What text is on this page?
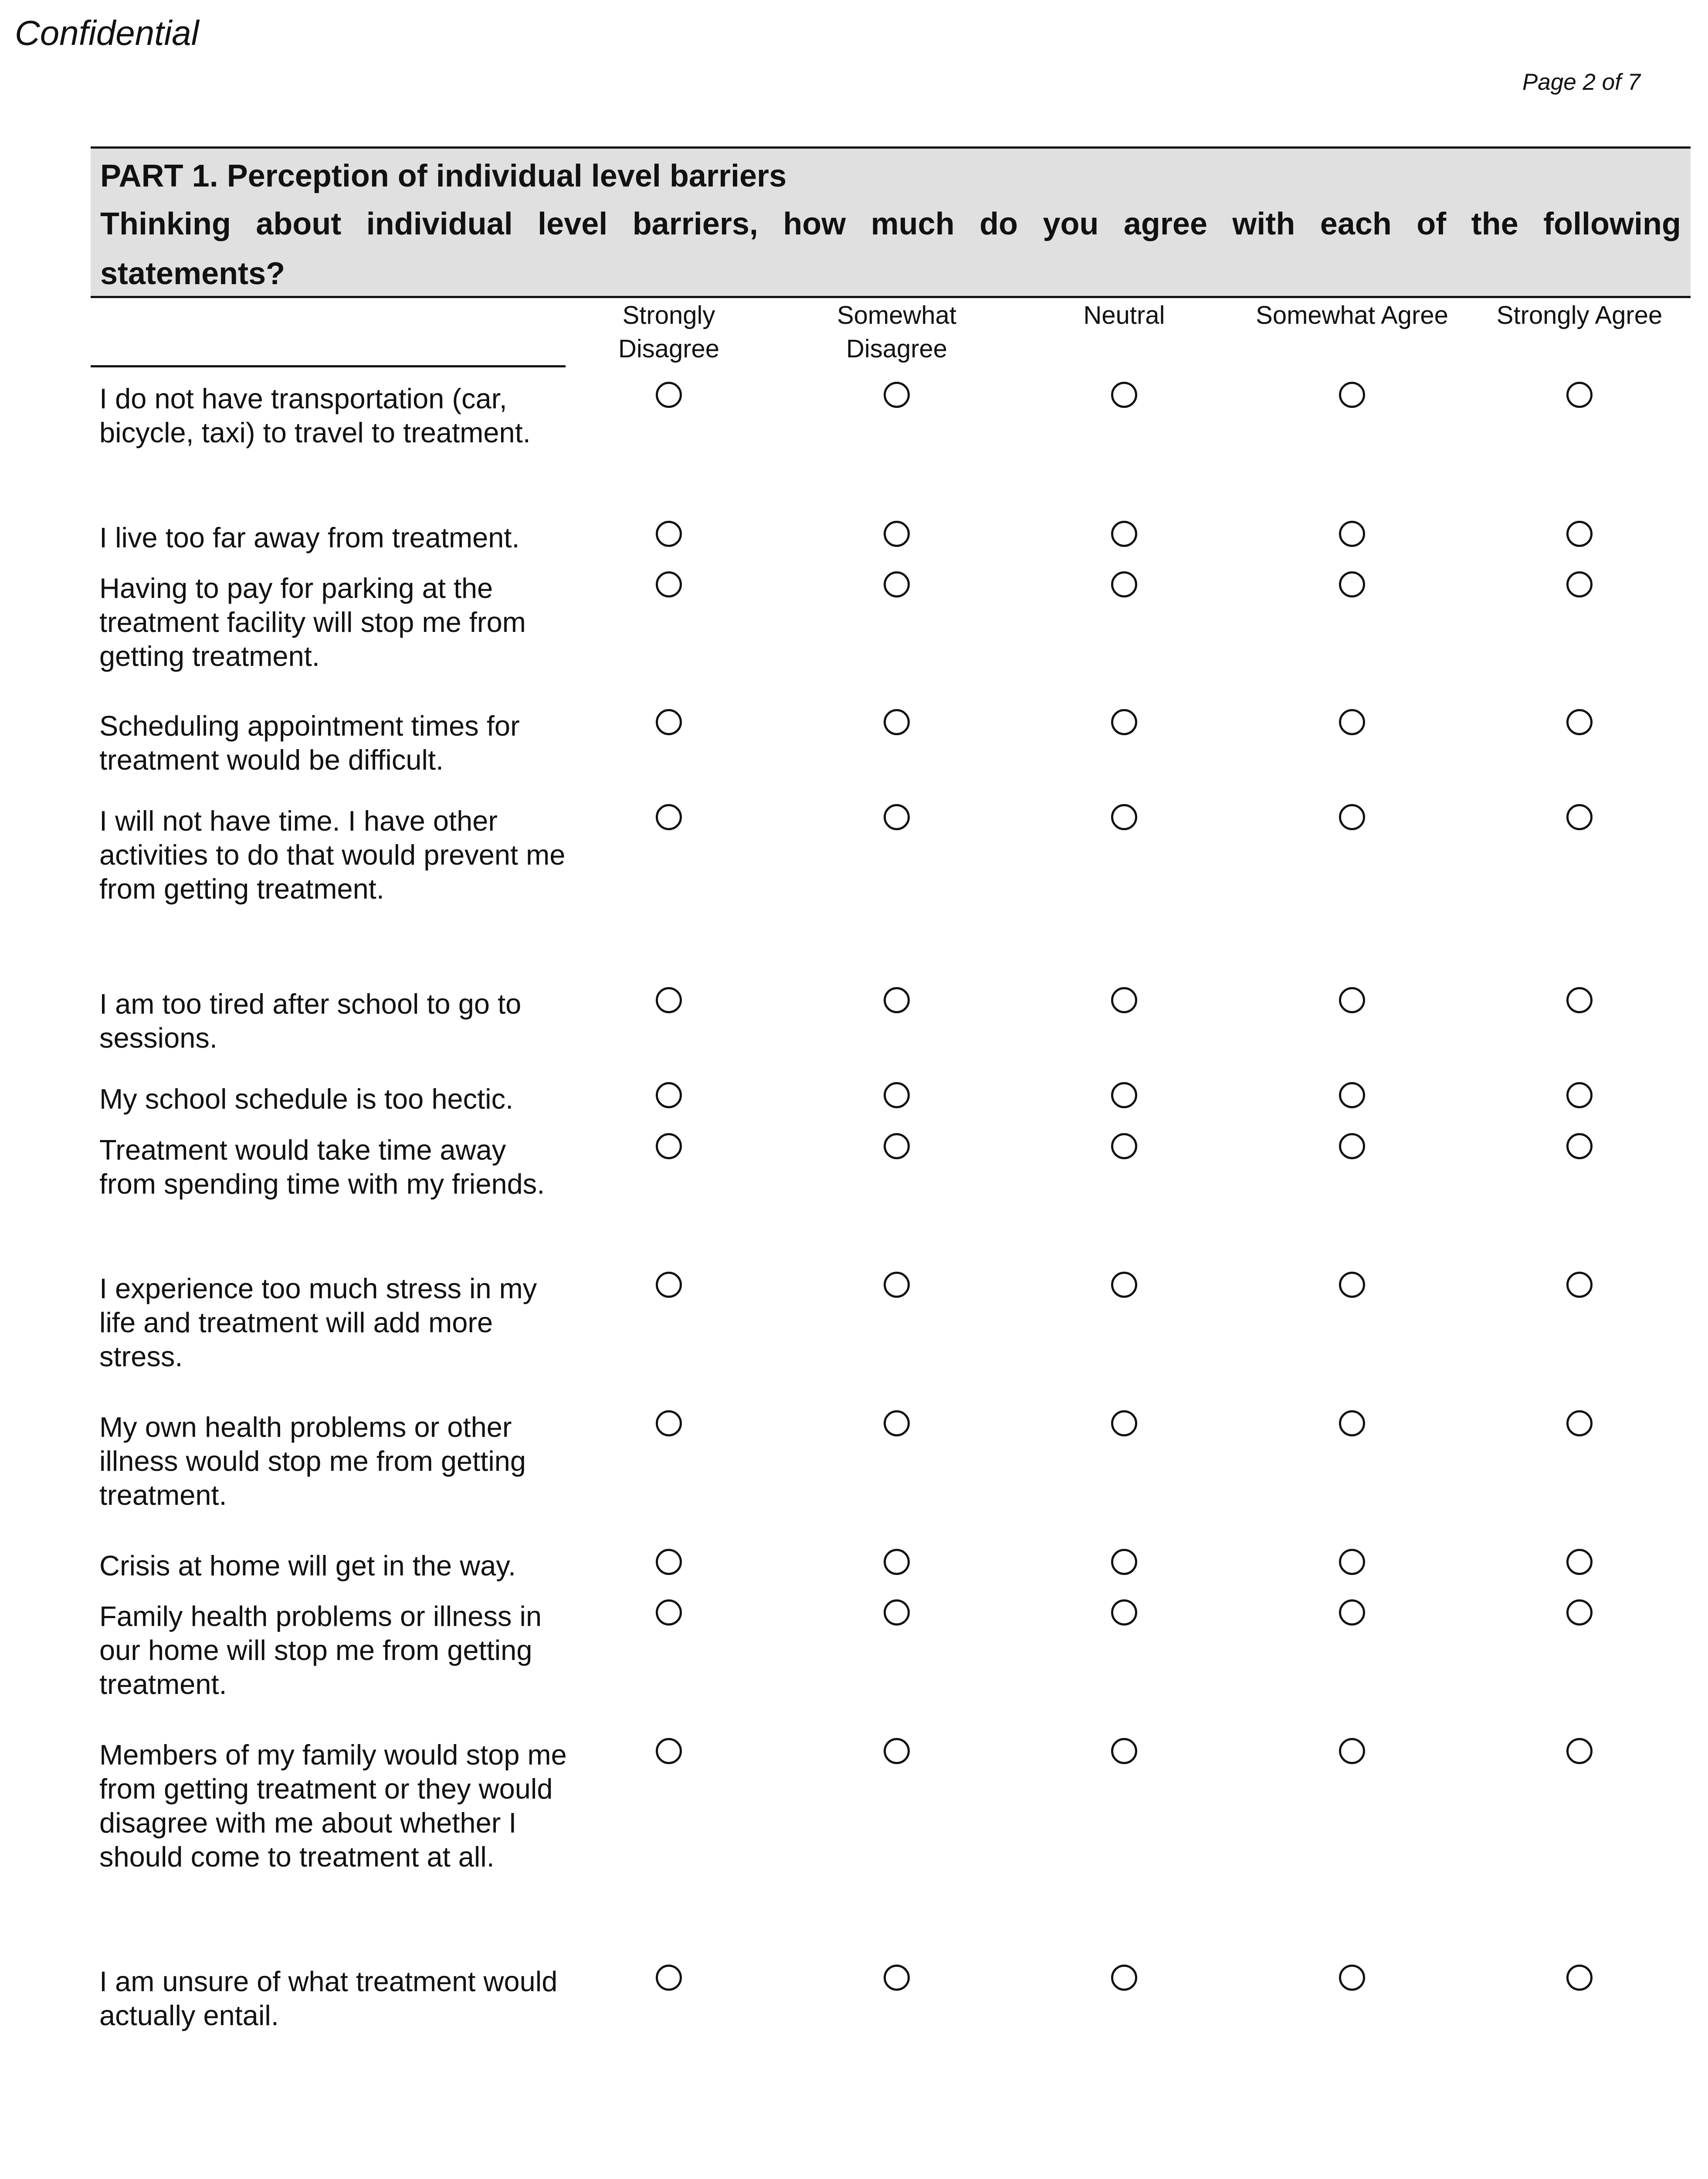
Confidential
Page 2 of 7
PART 1. Perception of individual level barriers
Thinking about individual level barriers, how much do you agree with each of the following statements?
Strongly
Disagree
Somewhat
Disagree
Neutral	Somewhat Agree	Strongly Agree
I do not have transportation (car, bicycle, taxi) to travel to treatment.
I live too far away from treatment.
Having to pay for parking at the treatment facility will stop me from getting treatment.
Scheduling appointment times for treatment would be difficult.
I will not have time. I have other activities to do that would prevent me from getting treatment.
I am too tired after school to go to sessions.
My school schedule is too hectic.
Treatment would take time away from spending time with my friends.
I experience too much stress in my life and treatment will add more stress.
My own health problems or other illness would stop me from getting treatment.
Crisis at home will get in the way.
Family health problems or illness in our home will stop me from getting treatment.
Members of my family would stop me from getting treatment or they would disagree with me about whether I should come to treatment at all.
I am unsure of what treatment would actually entail.
